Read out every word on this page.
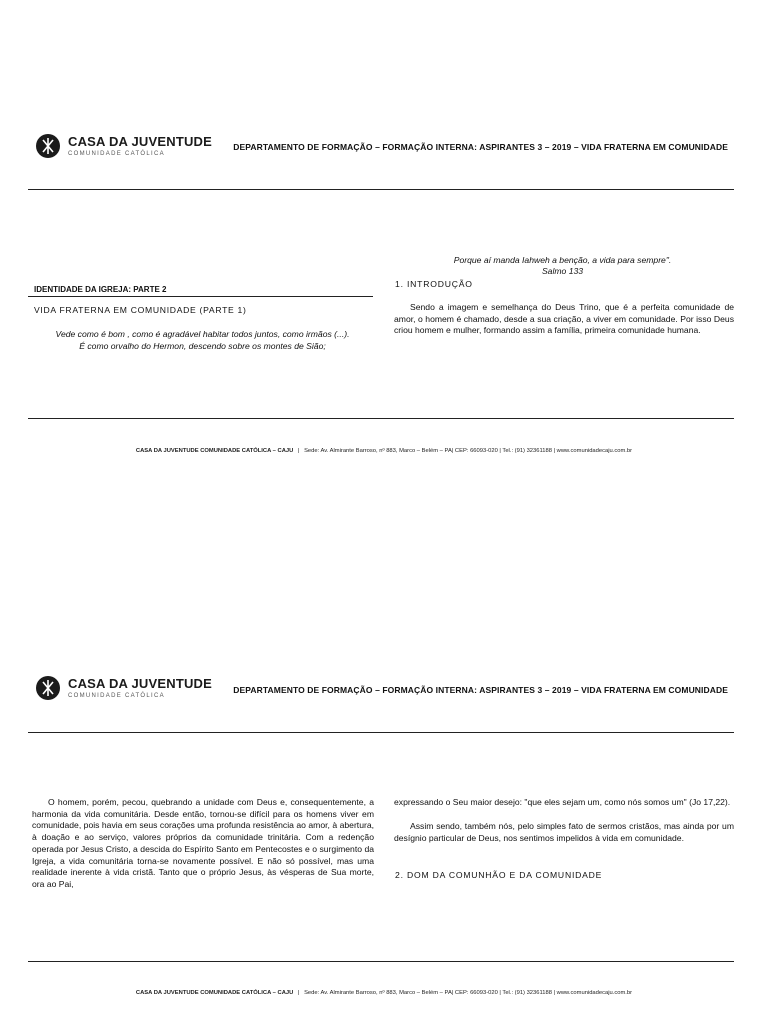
CASA DA JUVENTUDE
COMUNIDADE CATÓLICA
DEPARTAMENTO DE FORMAÇÃO – FORMAÇÃO INTERNA: ASPIRANTES 3 – 2019 – VIDA FRATERNA EM COMUNIDADE
IDENTIDADE DA IGREJA: PARTE 2
VIDA FRATERNA EM COMUNIDADE (PARTE 1)
Vede como é bom , como é agradável habitar todos juntos, como irmãos (...).
É como orvalho do Hermon, descendo sobre os montes de Sião;
Porque aí manda Iahweh a benção, a vida para sempre".
Salmo 133
1. INTRODUÇÃO
Sendo a imagem e semelhança do Deus Trino, que é a perfeita comunidade de amor, o homem é chamado, desde a sua criação, a viver em comunidade. Por isso Deus criou homem e mulher, formando assim a família, primeira comunidade humana.
CASA DA JUVENTUDE COMUNIDADE CATÓLICA – CAJU | Sede: Av. Almirante Barroso, nº 883, Marco – Belém – PA| CEP: 66093-020 | Tel.: (91) 32361188 | www.comunidadecaju.com.br
CASA DA JUVENTUDE
COMUNIDADE CATÓLICA
DEPARTAMENTO DE FORMAÇÃO – FORMAÇÃO INTERNA: ASPIRANTES 3 – 2019 – VIDA FRATERNA EM COMUNIDADE
O homem, porém, pecou, quebrando a unidade com Deus e, consequentemente, a harmonia da vida comunitária. Desde então, tornou-se difícil para os homens viver em comunidade, pois havia em seus corações uma profunda resistência ao amor, à abertura, à doação e ao serviço, valores próprios da comunidade trinitária. Com a redenção operada por Jesus Cristo, a descida do Espírito Santo em Pentecostes e o surgimento da Igreja, a vida comunitária torna-se novamente possível. E não só possível, mas uma realidade inerente à vida cristã. Tanto que o próprio Jesus, às vésperas de Sua morte, ora ao Pai,
expressando o Seu maior desejo: "que eles sejam um, como nós somos um" (Jo 17,22).
Assim sendo, também nós, pelo simples fato de sermos cristãos, mas ainda por um desígnio particular de Deus, nos sentimos impelidos à vida em comunidade.
2. DOM DA COMUNHÃO E DA COMUNIDADE
CASA DA JUVENTUDE COMUNIDADE CATÓLICA – CAJU | Sede: Av. Almirante Barroso, nº 883, Marco – Belém – PA| CEP: 66093-020 | Tel.: (91) 32361188 | www.comunidadecaju.com.br
